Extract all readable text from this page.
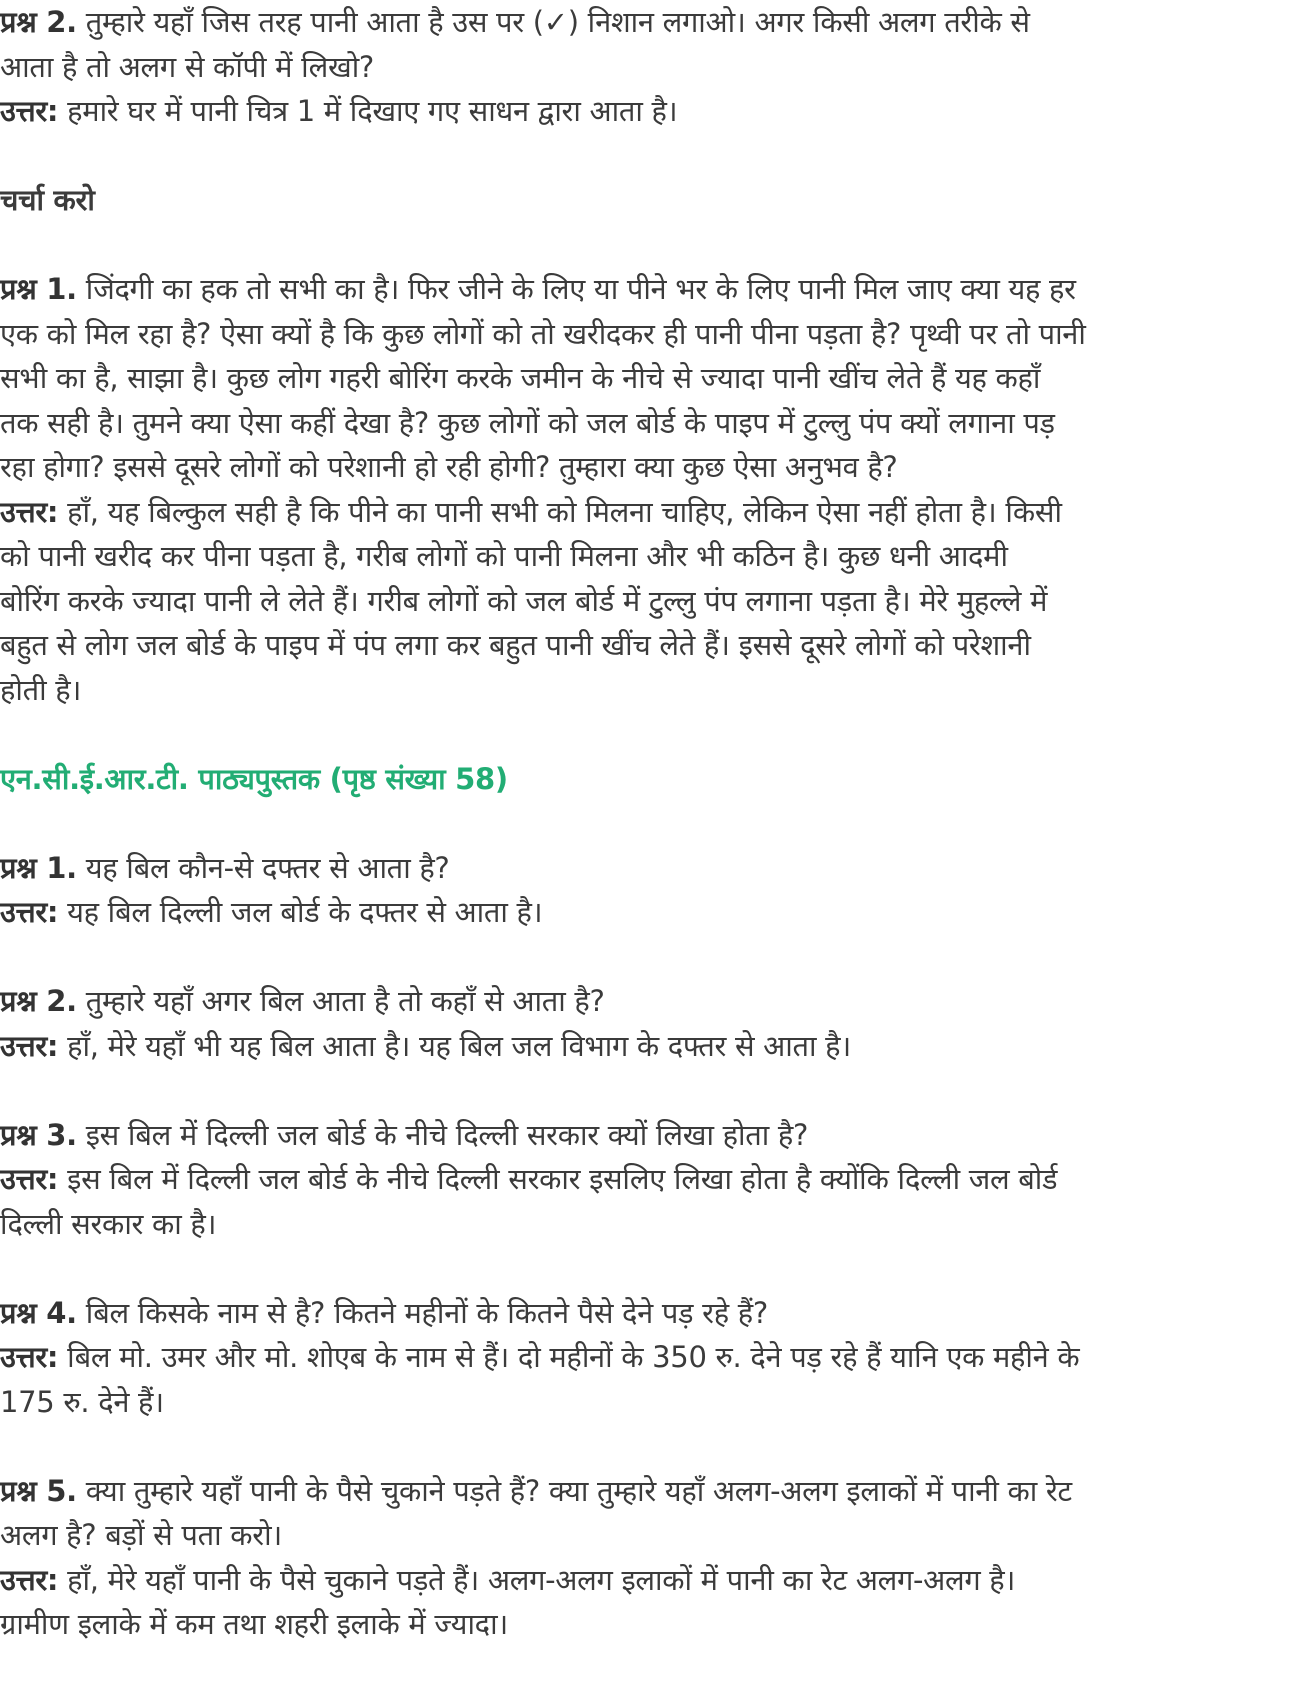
प्रश्न 2. तुम्हारे यहाँ जिस तरह पानी आता है उस पर (✓) निशान लगाओ। अगर किसी अलग तरीके से
आता है तो अलग से कॉपी में लिखो?
उत्तर: हमारे घर में पानी चित्र 1 में दिखाए गए साधन द्वारा आता है।
चर्चा करो
प्रश्न 1. जिंदगी का हक तो सभी का है। फिर जीने के लिए या पीने भर के लिए पानी मिल जाए क्या यह हर
एक को मिल रहा है? ऐसा क्यों है कि कुछ लोगों को तो खरीदकर ही पानी पीना पड़ता है? पृथ्वी पर तो पानी
सभी का है, साझा है। कुछ लोग गहरी बोरिंग करके जमीन के नीचे से ज्यादा पानी खींच लेते हैं यह कहाँ
तक सही है। तुमने क्या ऐसा कहीं देखा है? कुछ लोगों को जल बोर्ड के पाइप में टुल्लु पंप क्यों लगाना पड़
रहा होगा? इससे दूसरे लोगों को परेशानी हो रही होगी? तुम्हारा क्या कुछ ऐसा अनुभव है?
उत्तर: हाँ, यह बिल्कुल सही है कि पीने का पानी सभी को मिलना चाहिए, लेकिन ऐसा नहीं होता है। किसी
को पानी खरीद कर पीना पड़ता है, गरीब लोगों को पानी मिलना और भी कठिन है। कुछ धनी आदमी
बोरिंग करके ज्यादा पानी ले लेते हैं। गरीब लोगों को जल बोर्ड में टुल्लु पंप लगाना पड़ता है। मेरे मुहल्ले में
बहुत से लोग जल बोर्ड के पाइप में पंप लगा कर बहुत पानी खींच लेते हैं। इससे दूसरे लोगों को परेशानी
होती है।
एन.सी.ई.आर.टी. पाठ्यपुस्तक (पृष्ठ संख्या 58)
प्रश्न 1. यह बिल कौन-से दफ्तर से आता है?
उत्तर: यह बिल दिल्ली जल बोर्ड के दफ्तर से आता है।
प्रश्न 2. तुम्हारे यहाँ अगर बिल आता है तो कहाँ से आता है?
उत्तर: हाँ, मेरे यहाँ भी यह बिल आता है। यह बिल जल विभाग के दफ्तर से आता है।
प्रश्न 3. इस बिल में दिल्ली जल बोर्ड के नीचे दिल्ली सरकार क्यों लिखा होता है?
उत्तर: इस बिल में दिल्ली जल बोर्ड के नीचे दिल्ली सरकार इसलिए लिखा होता है क्योंकि दिल्ली जल बोर्ड
दिल्ली सरकार का है।
प्रश्न 4. बिल किसके नाम से है? कितने महीनों के कितने पैसे देने पड़ रहे हैं?
उत्तर: बिल मो. उमर और मो. शोएब के नाम से हैं। दो महीनों के 350 रु. देने पड़ रहे हैं यानि एक महीने के
175 रु. देने हैं।
प्रश्न 5. क्या तुम्हारे यहाँ पानी के पैसे चुकाने पड़ते हैं? क्या तुम्हारे यहाँ अलग-अलग इलाकों में पानी का रेट
अलग है? बड़ों से पता करो।
उत्तर: हाँ, मेरे यहाँ पानी के पैसे चुकाने पड़ते हैं। अलग-अलग इलाकों में पानी का रेट अलग-अलग है।
ग्रामीण इलाके में कम तथा शहरी इलाके में ज्यादा।
